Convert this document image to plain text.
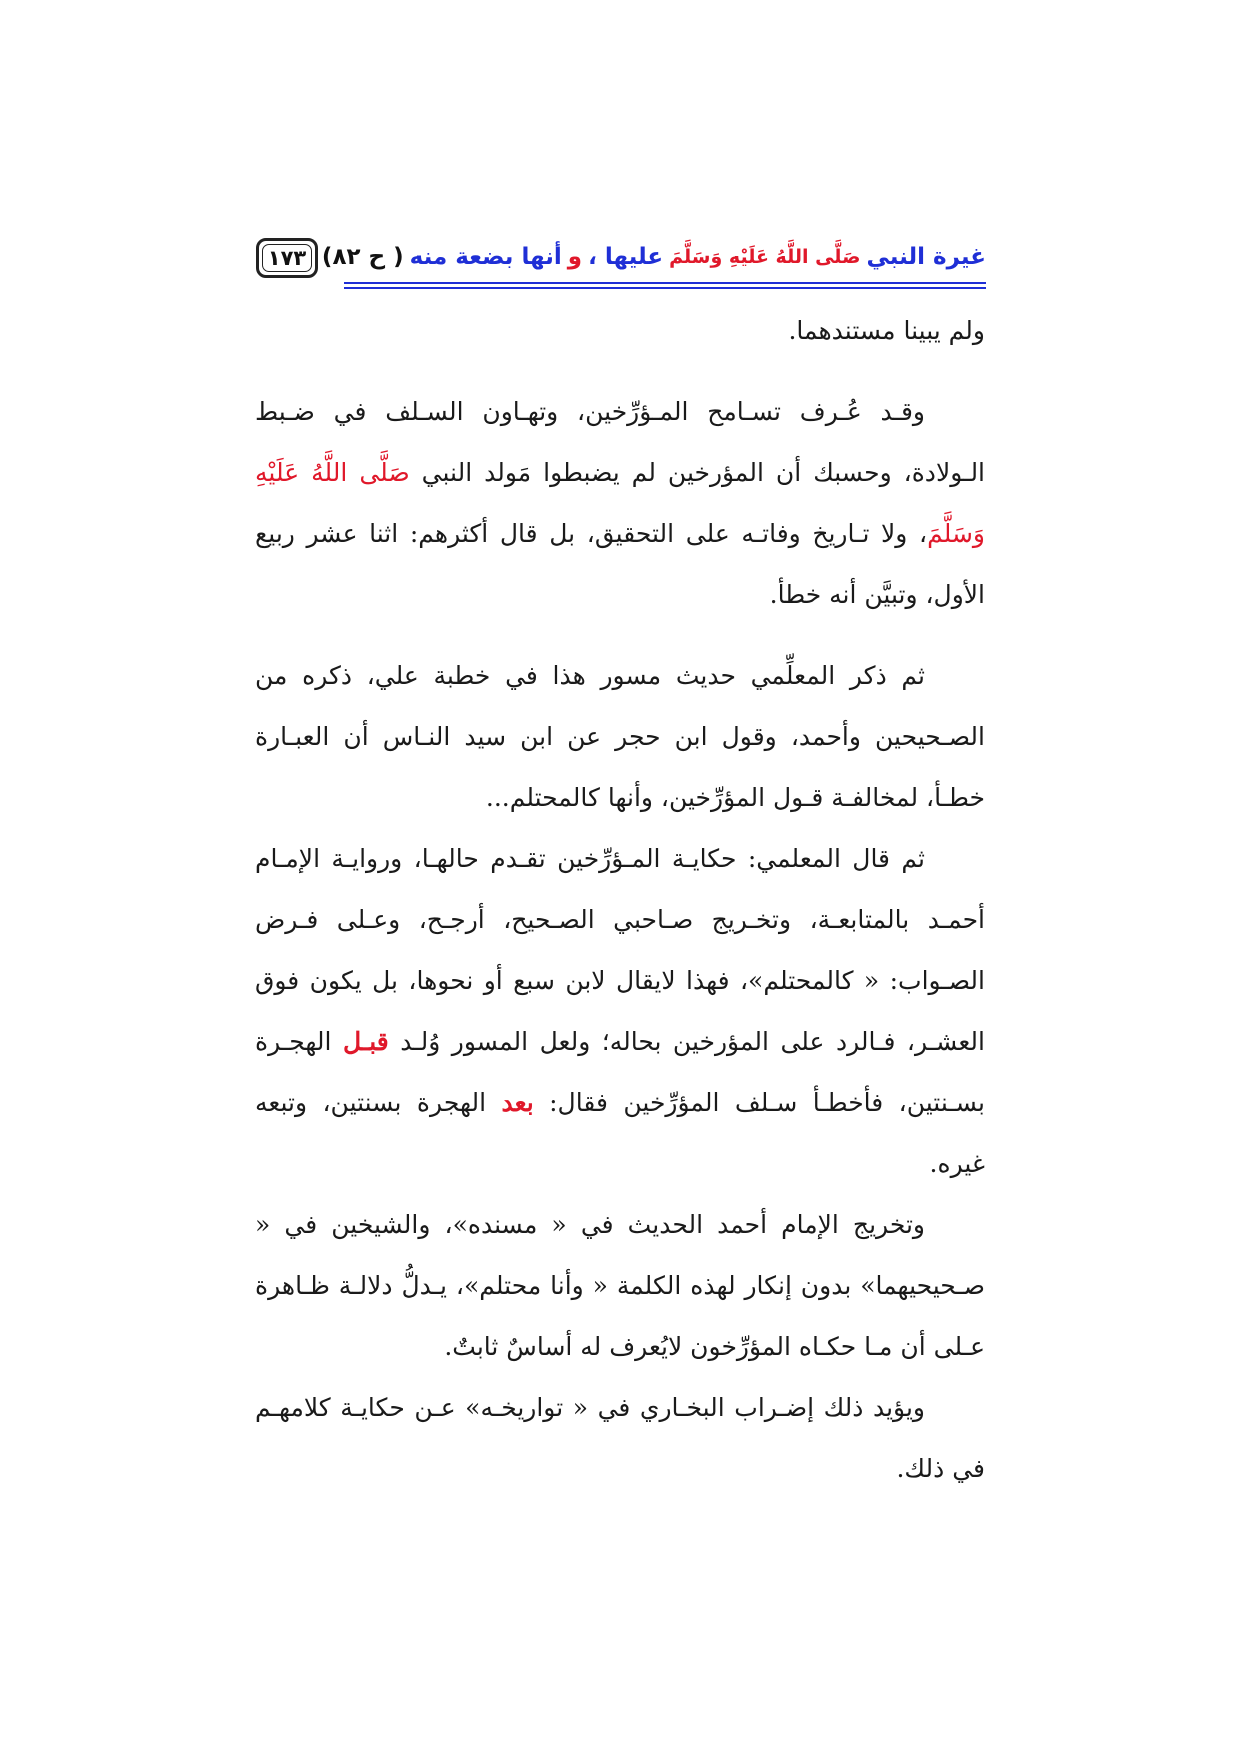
١٧٣	غيرة النبي
صَلَّى اللَّهُ عَلَيْهِ وَسَلَّمَ
عليها ،
و
أنها بضعة منه
( ح ٨٢)

ولم يبينا مستندهما.

وقـد عُـرف تسـامح المـؤرِّخين، وتهـاون السـلف في ضـبط الـولادة، وحسبك أن المؤرخين لم يضبطوا مَولد النبي صَلَّى اللَّهُ عَلَيْهِ وَسَلَّمَ، ولا تـاريخ وفاتـه على التحقيق، بل قال أكثرهم: اثنا عشر ربيع الأول، وتبيَّن أنه خطأ.

ثم ذكر المعلِّمي حديث مسور هذا في خطبة علي، ذكره من الصـحيحين وأحمد، وقول ابن حجر عن ابن سيد النـاس أن العبـارة خطـأ، لمخالفـة قـول المؤرِّخين، وأنها كالمحتلم...

ثم قال المعلمي: حكايـة المـؤرِّخين تقـدم حالهـا، وروايـة الإمـام أحمـد بالمتابعـة، وتخـريج صـاحبي الصـحيح، أرجـح، وعـلى فـرض الصـواب: « كالمحتلم»، فهذا لايقال لابن سبع أو نحوها، بل يكون فوق العشـر، فـالرد على المؤرخين بحاله؛ ولعل المسور وُلـد قبـل الهجـرة بسـنتين، فأخطـأ سـلف المؤرِّخين فقال: بعد الهجرة بسنتين، وتبعه غيره.

وتخريج الإمام أحمد الحديث في « مسنده»، والشيخين في « صـحيحيهما» بدون إنكار لهذه الكلمة « وأنا محتلم»، يـدلُّ دلالـة ظـاهرة عـلى أن مـا حكـاه المؤرِّخون لايُعرف له أساسٌ ثابتٌ.

ويؤيد ذلك إضـراب البخـاري في « تواريخـه» عـن حكايـة كلامهـم في ذلك.
